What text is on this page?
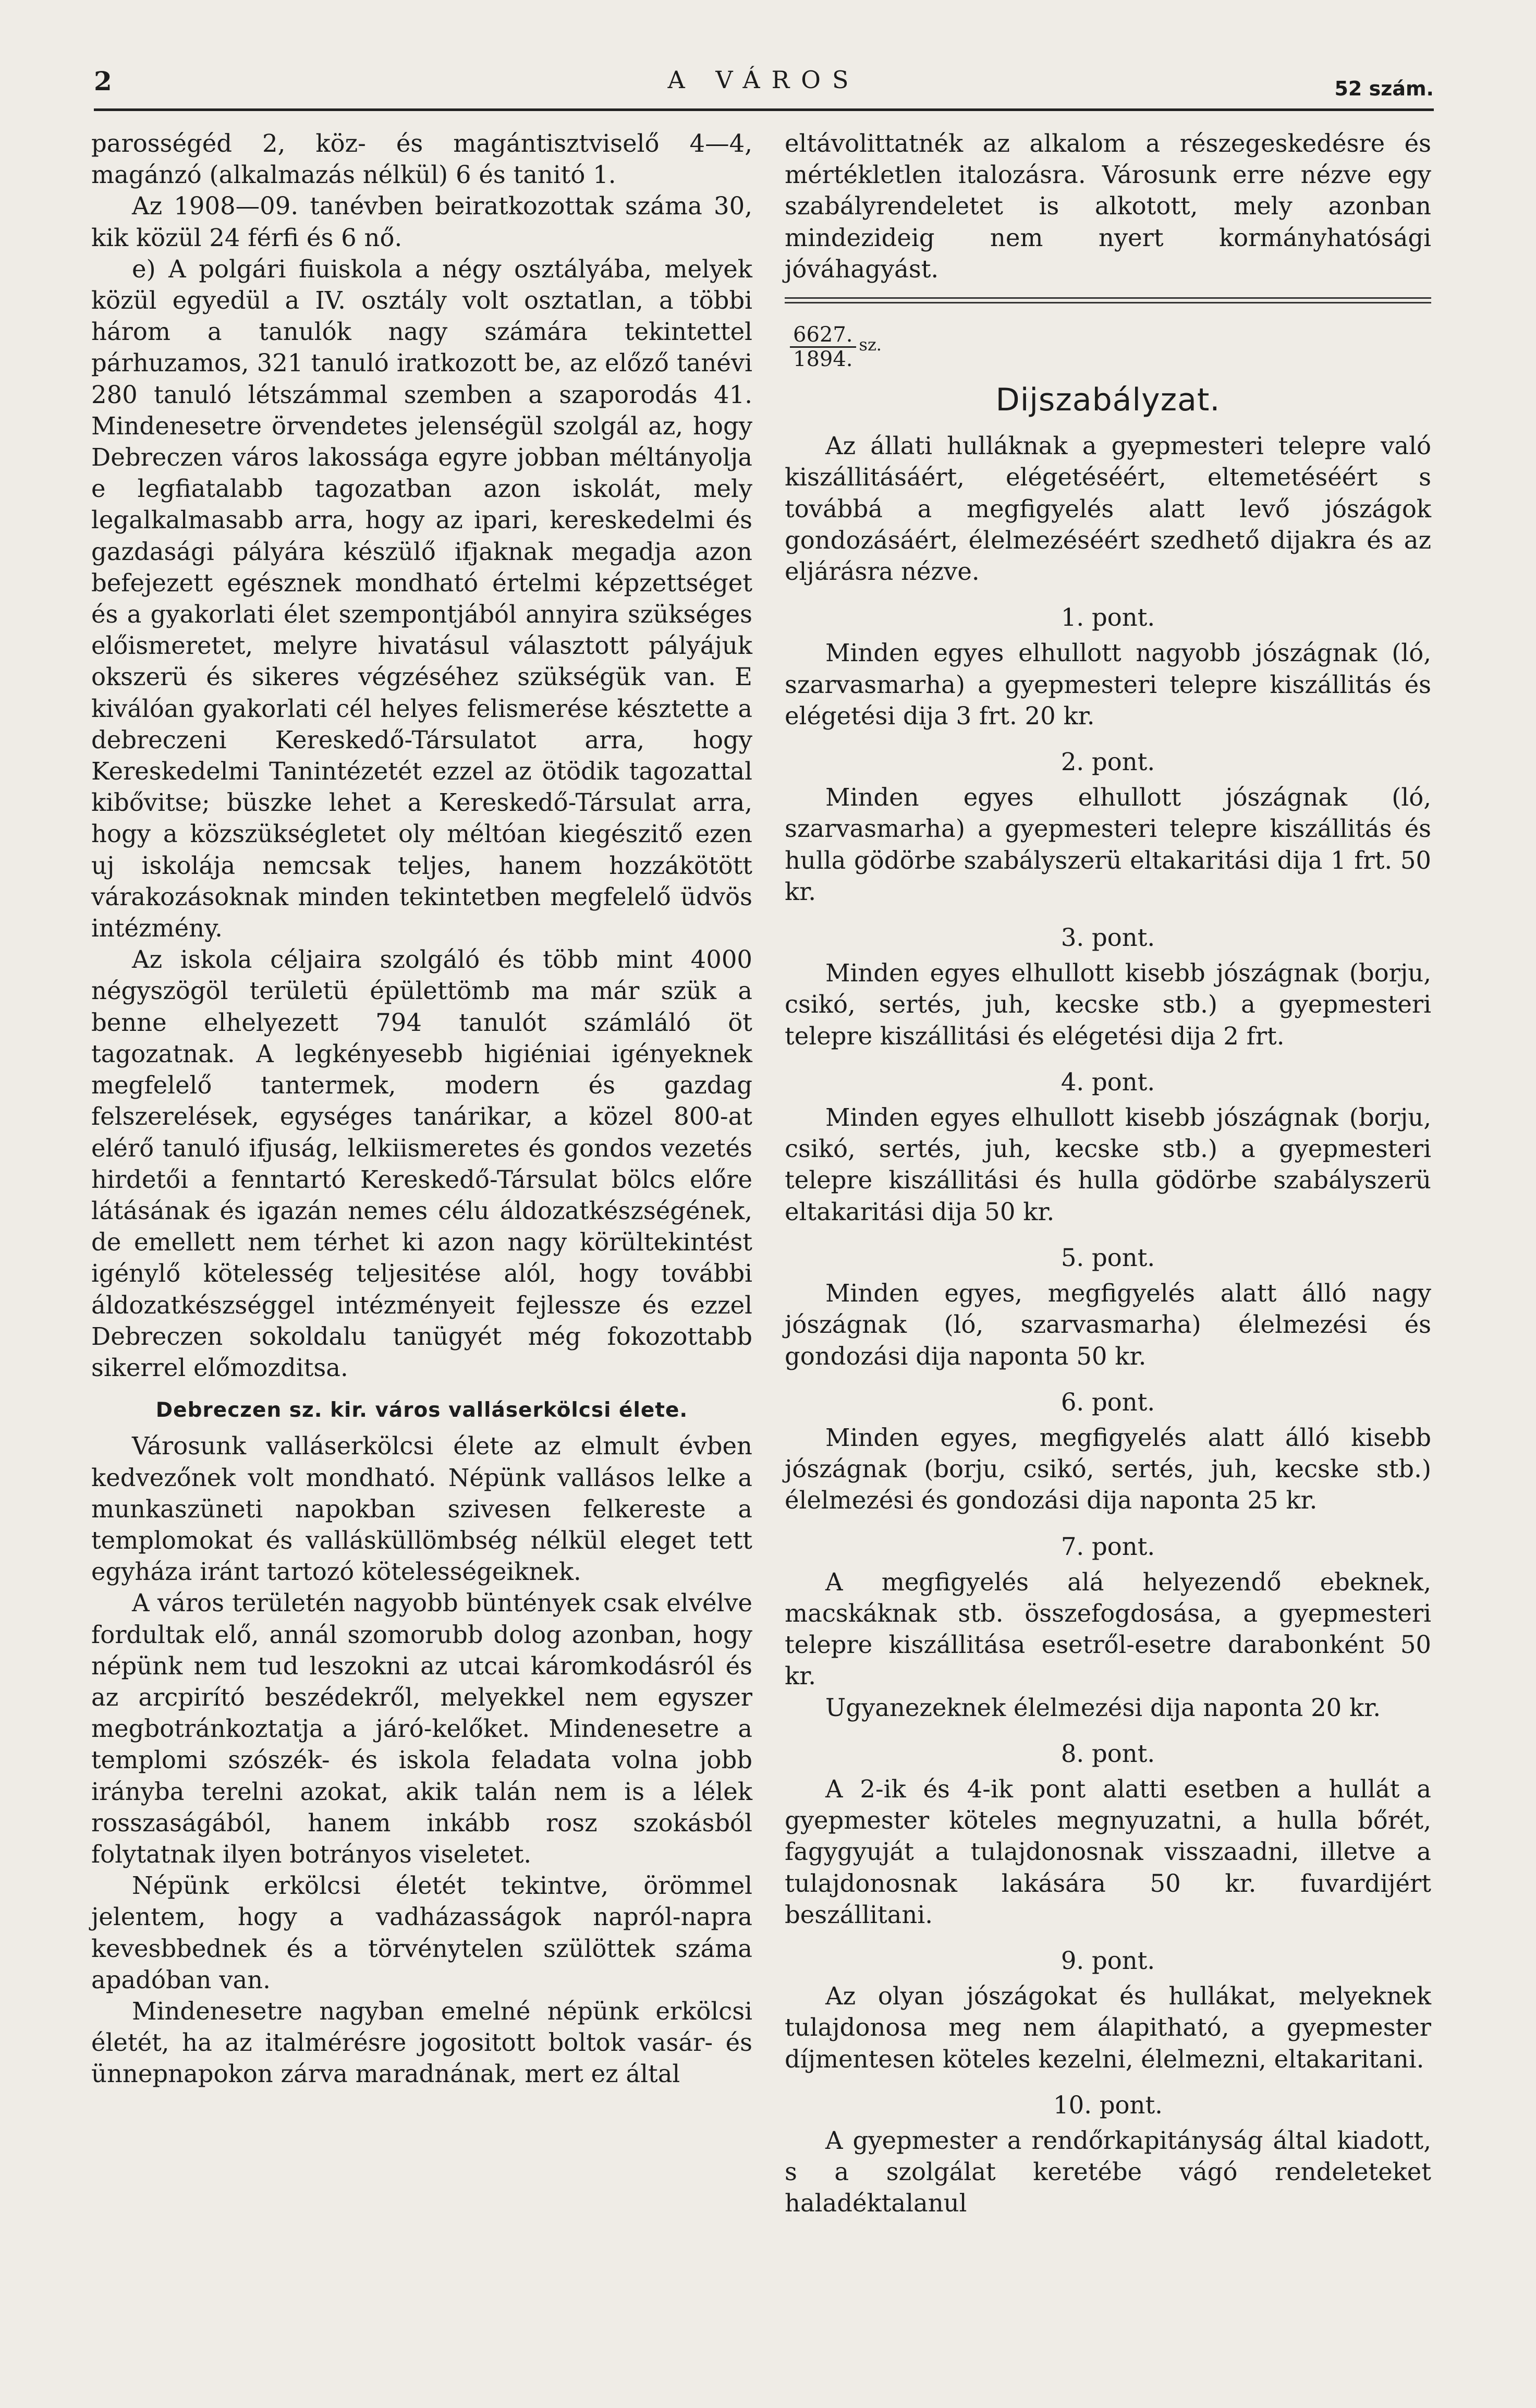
2	A VÁROS	52 szám.

parosségéd 2, köz- és magántisztviselő 4—4, magánzó (alkalmazás nélkül) 6 és tanitó 1.

Az 1908—09. tanévben beiratkozottak száma 30, kik közül 24 férfi és 6 nő.

e) A polgári fiuiskola a négy osztályába, melyek közül egyedül a IV. osztály volt osztatlan, a többi három a tanulók nagy számára tekintettel párhuzamos, 321 tanuló iratkozott be, az előző tanévi 280 tanuló létszámmal szemben a szaporodás 41. Mindenesetre örvendetes jelenségül szolgál az, hogy Debreczen város lakossága egyre jobban méltányolja e legfiatalabb tagozatban azon iskolát, mely legalkalmasabb arra, hogy az ipari, kereskedelmi és gazdasági pályára készülő ifjaknak megadja azon befejezett egésznek mondható értelmi képzettséget és a gyakorlati élet szempontjából annyira szükséges előismeretet, melyre hivatásul választott pályájuk okszerü és sikeres végzéséhez szükségük van. E kiválóan gyakorlati cél helyes felismerése késztette a debreczeni Kereskedő-Társulatot arra, hogy Kereskedelmi Tanintézetét ezzel az ötödik tagozattal kibővitse; büszke lehet a Kereskedő-Társulat arra, hogy a közszükségletet oly méltóan kiegészitő ezen uj iskolája nemcsak teljes, hanem hozzákötött várakozásoknak minden tekintetben megfelelő üdvös intézmény.

Az iskola céljaira szolgáló és több mint 4000 négyszögöl területü épülettömb ma már szük a benne elhelyezett 794 tanulót számláló öt tagozatnak. A legkényesebb higiéniai igényeknek megfelelő tantermek, modern és gazdag felszerelések, egységes tanárikar, a közel 800-at elérő tanuló ifjuság, lelkiismeretes és gondos vezetés hirdetői a fenntartó Kereskedő-Társulat bölcs előre látásának és igazán nemes célu áldozatkészségének, de emellett nem térhet ki azon nagy körültekintést igénylő kötelesség teljesitése alól, hogy további áldozatkészséggel intézményeit fejlessze és ezzel Debreczen sokoldalu tanügyét még fokozottabb sikerrel előmozditsa.

Debreczen sz. kir. város valláserkölcsi élete.

Városunk valláserkölcsi élete az elmult évben kedvezőnek volt mondható. Népünk vallásos lelke a munkaszüneti napokban szivesen felkereste a templomokat és vallásküllömbség nélkül eleget tett egyháza iránt tartozó kötelességeiknek.

A város területén nagyobb büntények csak elvélve fordultak elő, annál szomorubb dolog azonban, hogy népünk nem tud leszokni az utcai káromkodásról és az arcpirító beszédekről, melyekkel nem egyszer megbotránkoztatja a járó-kelőket. Mindenesetre a templomi szószék- és iskola feladata volna jobb irányba terelni azokat, akik talán nem is a lélek rosszaságából, hanem inkább rosz szokásból folytatnak ilyen botrányos viseletet.

Népünk erkölcsi életét tekintve, örömmel jelentem, hogy a vadházasságok napról-napra kevesbbednek és a törvénytelen szülöttek száma apadóban van.

Mindenesetre nagyban emelné népünk erkölcsi életét, ha az italmérésre jogositott boltok vasár- és ünnepnapokon zárva maradnának, mert ez által

eltávolittatnék az alkalom a részegeskedésre és mértékletlen italozásra. Városunk erre nézve egy szabályrendeletet is alkotott, mely azonban mindezideig nem nyert kormányhatósági jóváhagyást.

6627.
1894.
sz.
Dijszabályzat.

Az állati hulláknak a gyepmesteri telepre való kiszállitásáért, elégetéséért, eltemetéséért s továbbá a megfigyelés alatt levő jószágok gondozásáért, élelmezéséért szedhető dijakra és az eljárásra nézve.

1. pont.

Minden egyes elhullott nagyobb jószágnak (ló, szarvasmarha) a gyepmesteri telepre kiszállitás és elégetési dija 3 frt. 20 kr.

2. pont.

Minden egyes elhullott jószágnak (ló, szarvasmarha) a gyepmesteri telepre kiszállitás és hulla gödörbe szabályszerü eltakaritási dija 1 frt. 50 kr.

3. pont.

Minden egyes elhullott kisebb jószágnak (borju, csikó, sertés, juh, kecske stb.) a gyepmesteri telepre kiszállitási és elégetési dija 2 frt.

4. pont.

Minden egyes elhullott kisebb jószágnak (borju, csikó, sertés, juh, kecske stb.) a gyepmesteri telepre kiszállitási és hulla gödörbe szabályszerü eltakaritási dija 50 kr.

5. pont.

Minden egyes, megfigyelés alatt álló nagy jószágnak (ló, szarvasmarha) élelmezési és gondozási dija naponta 50 kr.

6. pont.

Minden egyes, megfigyelés alatt álló kisebb jószágnak (borju, csikó, sertés, juh, kecske stb.) élelmezési és gondozási dija naponta 25 kr.

7. pont.

A megfigyelés alá helyezendő ebeknek, macskáknak stb. összefogdosása, a gyepmesteri telepre kiszállitása esetről-esetre darabonként 50 kr.

Ugyanezeknek élelmezési dija naponta 20 kr.

8. pont.

A 2-ik és 4-ik pont alatti esetben a hullát a gyepmester köteles megnyuzatni, a hulla bőrét, fagygyuját a tulajdonosnak visszaadni, illetve a tulajdonosnak lakására 50 kr. fuvardijért beszállitani.

9. pont.

Az olyan jószágokat és hullákat, melyeknek tulajdonosa meg nem álapitható, a gyepmester díjmentesen köteles kezelni, élelmezni, eltakaritani.

10. pont.

A gyepmester a rendőrkapitányság által kiadott, s a szolgálat keretébe vágó rendeleteket haladéktalanul
